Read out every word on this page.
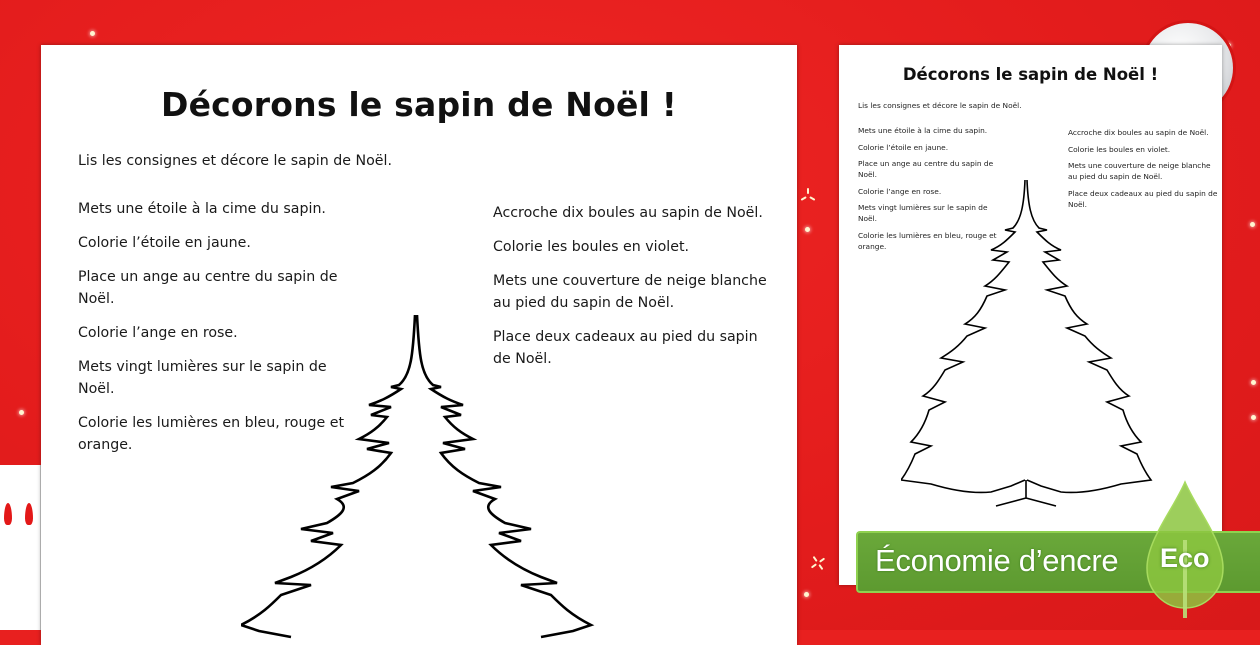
Décorons le sapin de Noël !
Lis les consignes et décore le sapin de Noël.

Mets une étoile à la cime du sapin.

Colorie l’étoile en jaune.

Place un ange au centre du sapin de Noël.

Colorie l’ange en rose.

Mets vingt lumières sur le sapin de Noël.

Colorie les lumières en bleu, rouge et orange.

Accroche dix boules au sapin de Noël.

Colorie les boules en violet.

Mets une couverture de neige blanche au pied du sapin de Noël.

Place deux cadeaux au pied du sapin de Noël.

Décorons le sapin de Noël !
Lis les consignes et décore le sapin de Noël.

Mets une étoile à la cime du sapin.

Colorie l’étoile en jaune.

Place un ange au centre du sapin de Noël.

Colorie l’ange en rose.

Mets vingt lumières sur le sapin de Noël.

Colorie les lumières en bleu, rouge et orange.

Accroche dix boules au sapin de Noël.

Colorie les boules en violet.

Mets une couverture de neige blanche au pied du sapin de Noël.

Place deux cadeaux au pied du sapin de Noël.

Économie d’encre Eco
